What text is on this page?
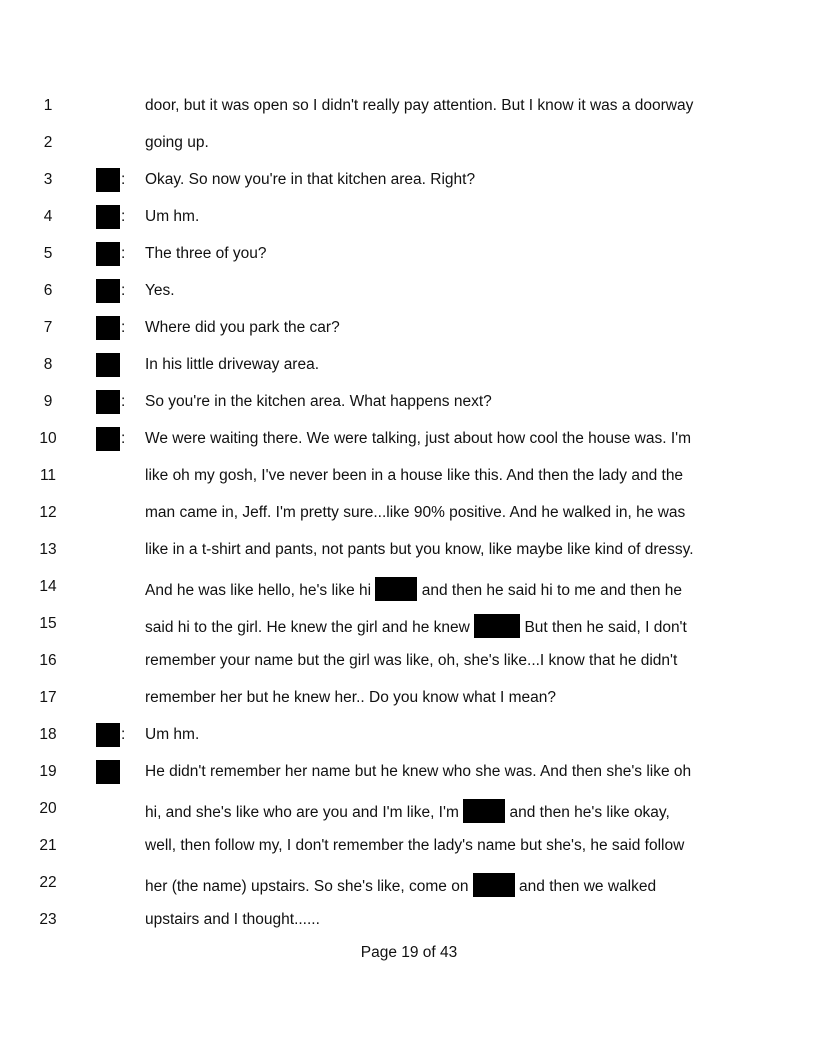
1	door, but it was open so I didn't really pay attention. But I know it was a doorway
2	going up.
3	: Okay. So now you're in that kitchen area. Right?
4	: Um hm.
5	: The three of you?
6	: Yes.
7	: Where did you park the car?
8	In his little driveway area.
9	: So you're in the kitchen area. What happens next?
10	: We were waiting there. We were talking, just about how cool the house was. I'm
11	like oh my gosh, I've never been in a house like this. And then the lady and the
12	man came in, Jeff. I'm pretty sure...like 90% positive. And he walked in, he was
13	like in a t-shirt and pants, not pants but you know, like maybe like kind of dressy.
14	And he was like hello, he's like hi	and then he said hi to me and then he
15	said hi to the girl. He knew the girl and he knew	But then he said, I don't
16	remember your name but the girl was like, oh, she's like...I know that he didn't
17	remember her but he knew her.. Do you know what I mean?
18	: Um hm.
19	He didn't remember her name but he knew who she was. And then she's like oh
20	hi, and she's like who are you and I'm like, I'm	and then he's like okay,
21	well, then follow my, I don't remember the lady's name but she's, he said follow
22	her (the name) upstairs. So she's like, come on	and then we walked
23	upstairs and I thought......
Page 19 of 43
